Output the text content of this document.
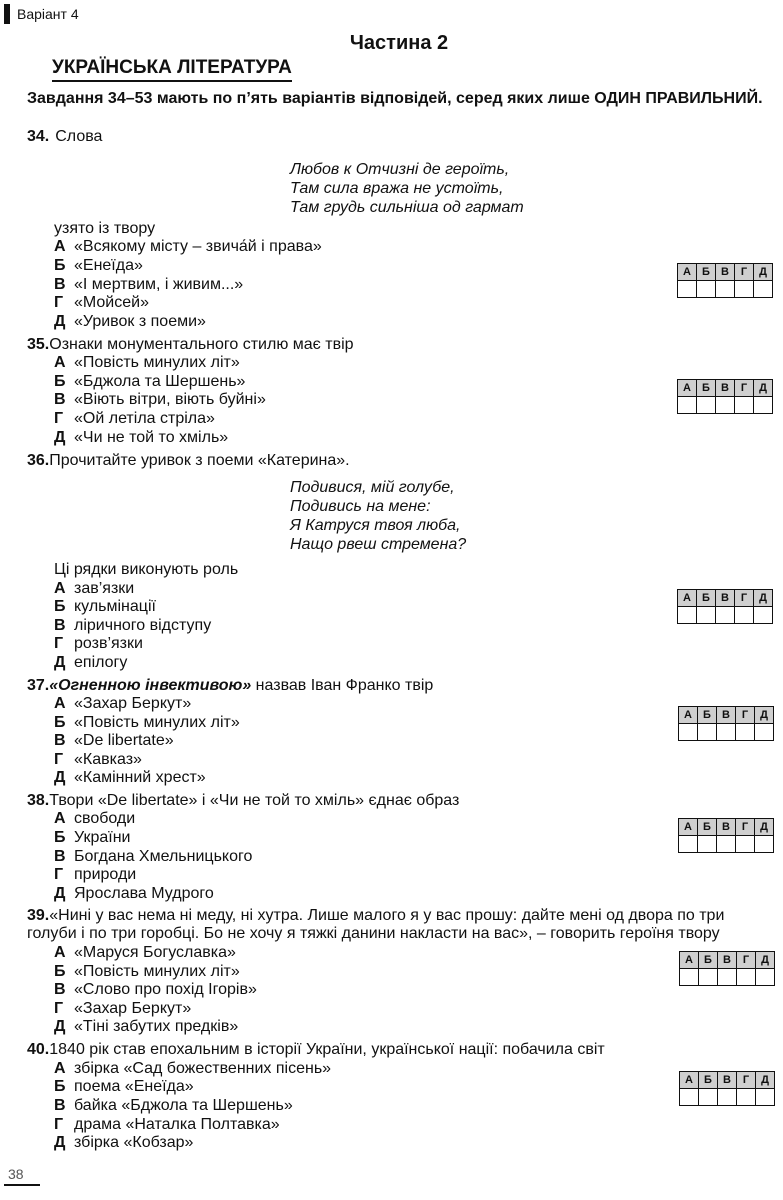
Варіант 4
Частина 2
УКРАЇНСЬКА ЛІТЕРАТУРА
Завдання 34–53 мають по п’ять варіантів відповідей, серед яких лише ОДИН ПРАВИЛЬНИЙ.
34. Слова
Любов к Отчизні де героїть,
Там сила вража не устоїть,
Там грудь сильніша од гармат
узято із твору
А «Всякому місту – звича́й і права»
Б «Енеїда»
В «І мертвим, і живим...»
Г «Мойсей»
Д «Уривок з поеми»
А	Б	В	Г	Д

35.Ознаки монументального стилю має твір
А «Повість минулих літ»
Б «Бджола та Шершень»
В «Віють вітри, віють буйні»
Г «Ой летіла стріла»
Д «Чи не той то хміль»
А	Б	В	Г	Д

36.Прочитайте уривок з поеми «Катерина».
Подивися, мій голубе,
Подивись на мене:
Я Катруся твоя люба,
Нащо рвеш стремена?
Ці рядки виконують роль
А зав’язки
Б кульмінації
В ліричного відступу
Г розв’язки
Д епілогу
А	Б	В	Г	Д

37.«Огненною інвективою» назвав Іван Франко твір
А «Захар Беркут»
Б «Повість минулих літ»
В «De libertate»
Г «Кавказ»
Д «Камінний хрест»
А	Б	В	Г	Д

38.Твори «De libertate» і «Чи не той то хміль» єднає образ
А свободи
Б України
В Богдана Хмельницького
Г природи
Д Ярослава Мудрого
А	Б	В	Г	Д

39.«Нині у вас нема ні меду, ні хутра. Лише малого я у вас прошу: дайте мені од двора по три голуби і по три горобці. Бо не хочу я тяжкі данини накласти на вас», – говорить героїня твору
А «Маруся Богуславка»
Б «Повість минулих літ»
В «Слово про похід Ігорів»
Г «Захар Беркут»
Д «Тіні забутих предків»
А	Б	В	Г	Д

40.1840 рік став епохальним в історії України, української нації: побачила світ
А збірка «Сад божественних пісень»
Б поема «Енеїда»
В байка «Бджола та Шершень»
Г драма «Наталка Полтавка»
Д збірка «Кобзар»
А	Б	В	Г	Д

38
